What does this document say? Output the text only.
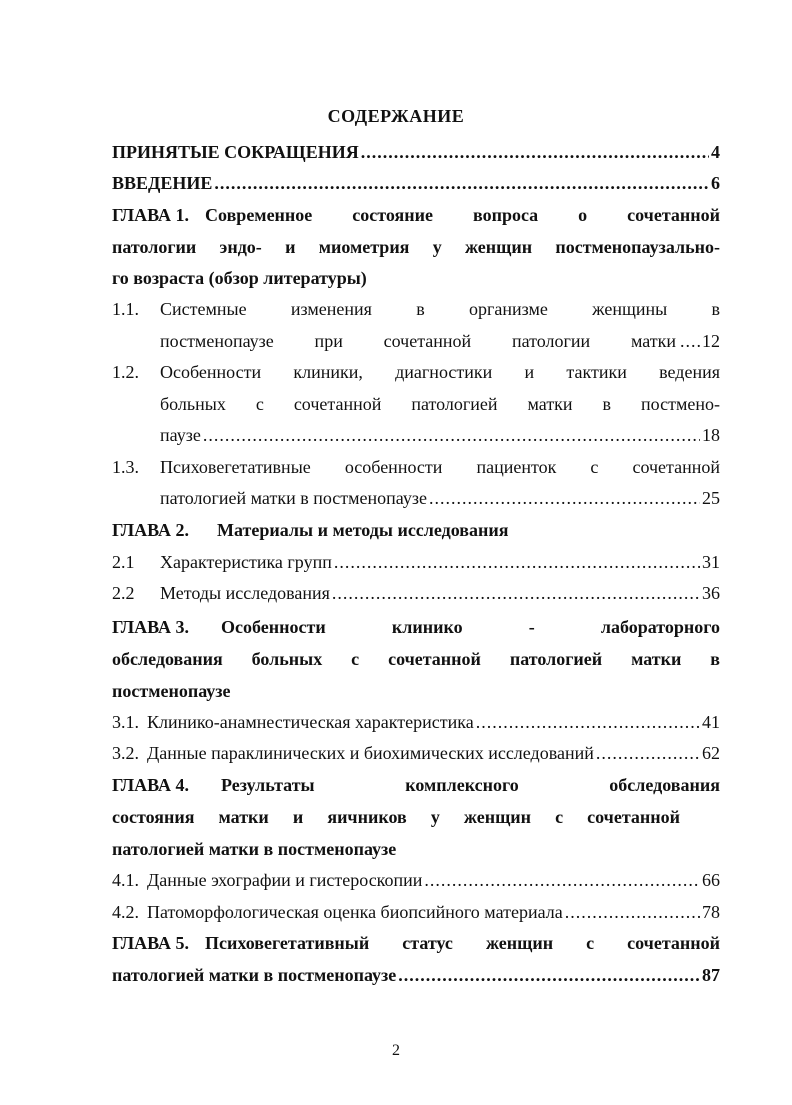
СОДЕРЖАНИЕ
ПРИНЯТЫЕ СОКРАЩЕНИЯ .....	4
ВВЕДЕНИЕ .....	6
ГЛАВА 1. Современное состояние вопроса о сочетанной
патологии эндо- и миометрия у женщин постменопаузально-
го возраста (обзор литературы)
1.1.	Системные изменения в организме женщины в
постменопаузе при сочетанной патологии матки .... 12
1.2.	Особенности клиники, диагностики и тактики ведения
больных с сочетанной патологией матки в постмено-
паузе .....	18
1.3.	Психовегетативные особенности пациенток с сочетанной
патологией матки в постменопаузе .....	25
ГЛАВА 2. Материалы и методы исследования
2.1	Характеристика групп .....	31
2.2	Методы исследования .....	36
ГЛАВА 3. Особенности клинико - лабораторного
обследования больных с сочетанной патологией матки в
постменопаузе
3.1. Клинико-анамнестическая характеристика .....	41
3.2. Данные параклинических и биохимических исследований .....	62
ГЛАВА 4. Результаты комплексного обследования
состояния матки и яичников у женщин с сочетанной
патологией матки в постменопаузе
4.1. Данные эхографии и гистероскопии .....	66
4.2. Патоморфологическая оценка биопсийного материала .....	78
ГЛАВА 5. Психовегетативный статус женщин с сочетанной
патологией матки в постменопаузе .....	87
2
